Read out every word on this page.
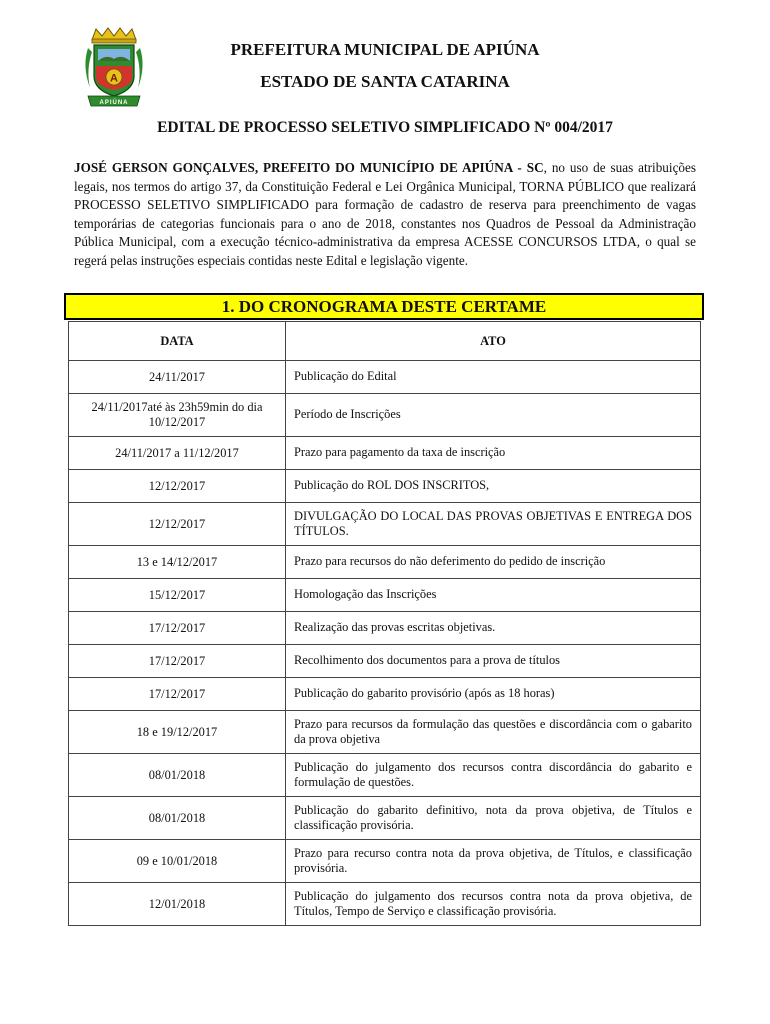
A
APIÚNA
PREFEITURA MUNICIPAL DE APIÚNA
ESTADO DE SANTA CATARINA
EDITAL DE PROCESSO SELETIVO SIMPLIFICADO Nº 004/2017

JOSÉ GERSON GONÇALVES, PREFEITO DO MUNICÍPIO DE APIÚNA - SC, no uso de suas atribuições legais, nos termos do artigo 37, da Constituição Federal e Lei Orgânica Municipal, TORNA PÚBLICO que realizará PROCESSO SELETIVO SIMPLIFICADO para formação de cadastro de reserva para preenchimento de vagas temporárias de categorias funcionais para o ano de 2018, constantes nos Quadros de Pessoal da Administração Pública Municipal, com a execução técnico-administrativa da empresa ACESSE CONCURSOS LTDA, o qual se regerá pelas instruções especiais contidas neste Edital e legislação vigente.

1. DO CRONOGRAMA DESTE CERTAME
DATA	ATO
24/11/2017	Publicação do Edital
24/11/2017até às 23h59min do dia 10/12/2017	Período de Inscrições
24/11/2017 a 11/12/2017	Prazo para pagamento da taxa de inscrição
12/12/2017	Publicação do ROL DOS INSCRITOS,
12/12/2017	DIVULGAÇÃO DO LOCAL DAS PROVAS OBJETIVAS E ENTREGA DOS TÍTULOS.
13 e 14/12/2017	Prazo para recursos do não deferimento do pedido de inscrição
15/12/2017	Homologação das Inscrições
17/12/2017	Realização das provas escritas objetivas.
17/12/2017	Recolhimento dos documentos para a prova de títulos
17/12/2017	Publicação do gabarito provisório (após as 18 horas)
18 e 19/12/2017	Prazo para recursos da formulação das questões e discordância com o gabarito da prova objetiva
08/01/2018	Publicação do julgamento dos recursos contra discordância do gabarito e formulação de questões.
08/01/2018	Publicação do gabarito definitivo, nota da prova objetiva, de Títulos e classificação provisória.
09 e 10/01/2018	Prazo para recurso contra nota da prova objetiva, de Títulos, e classificação provisória.
12/01/2018	Publicação do julgamento dos recursos contra nota da prova objetiva, de Títulos, Tempo de Serviço e classificação provisória.
